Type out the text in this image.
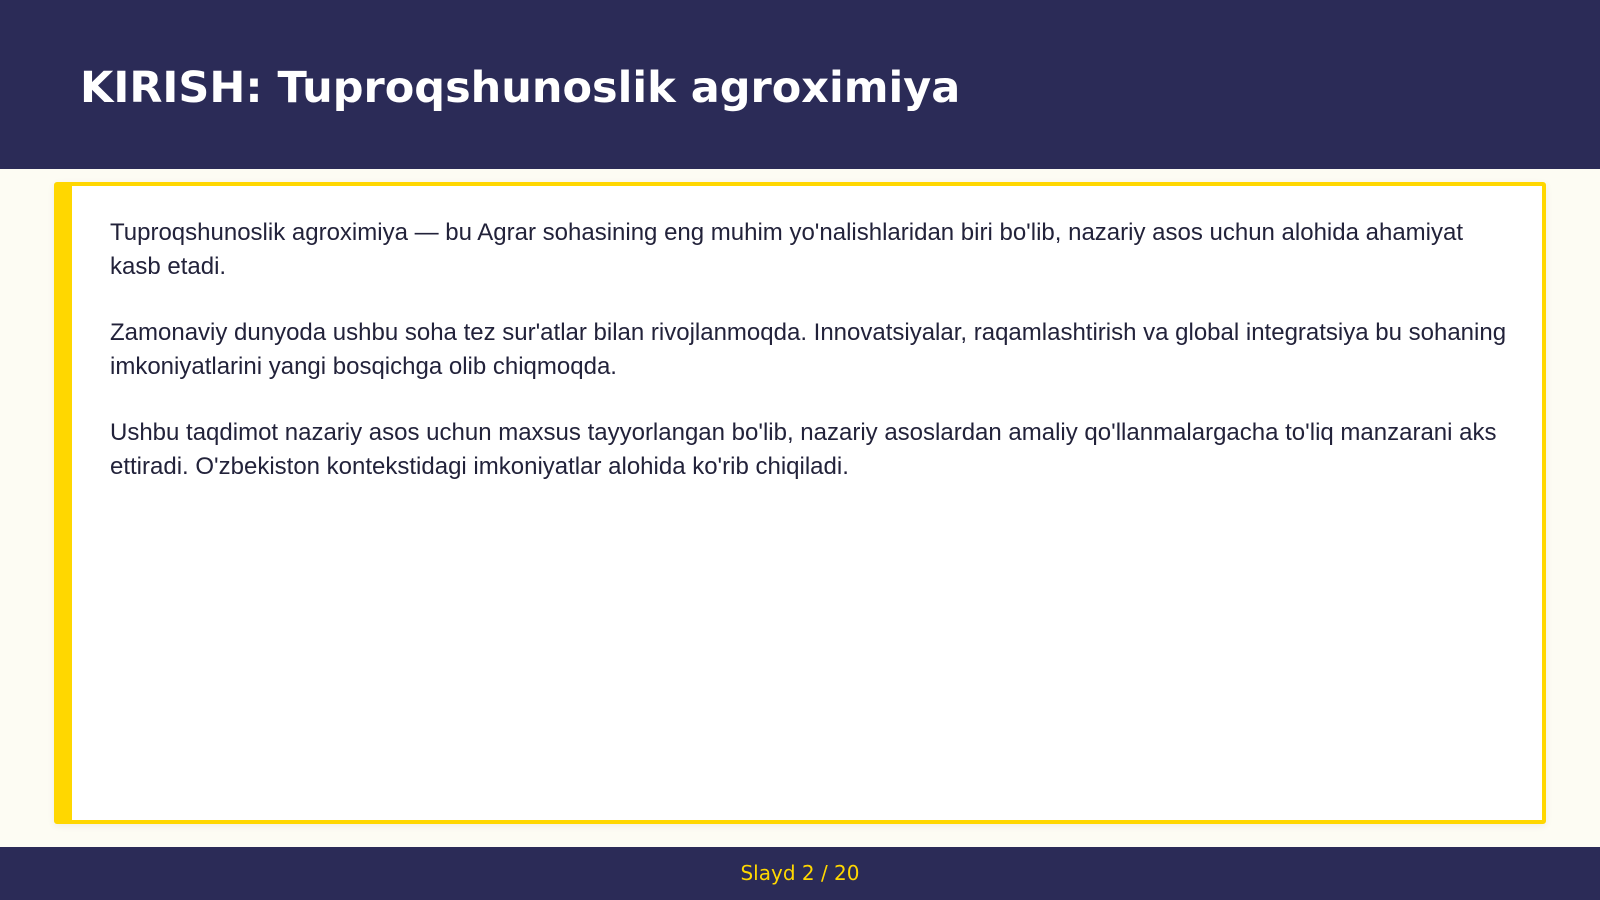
KIRISH: Tuproqshunoslik agroximiya

Tuproqshunoslik agroximiya — bu Agrar sohasining eng muhim yo'nalishlaridan biri bo'lib, nazariy asos uchun alohida ahamiyat kasb etadi.

Zamonaviy dunyoda ushbu soha tez sur'atlar bilan rivojlanmoqda. Innovatsiyalar, raqamlashtirish va global integratsiya bu sohaning imkoniyatlarini yangi bosqichga olib chiqmoqda.

Ushbu taqdimot nazariy asos uchun maxsus tayyorlangan bo'lib, nazariy asoslardan amaliy qo'llanmalargacha to'liq manzarani aks ettiradi. O'zbekiston kontekstidagi imkoniyatlar alohida ko'rib chiqiladi.

Slayd 2 / 20
